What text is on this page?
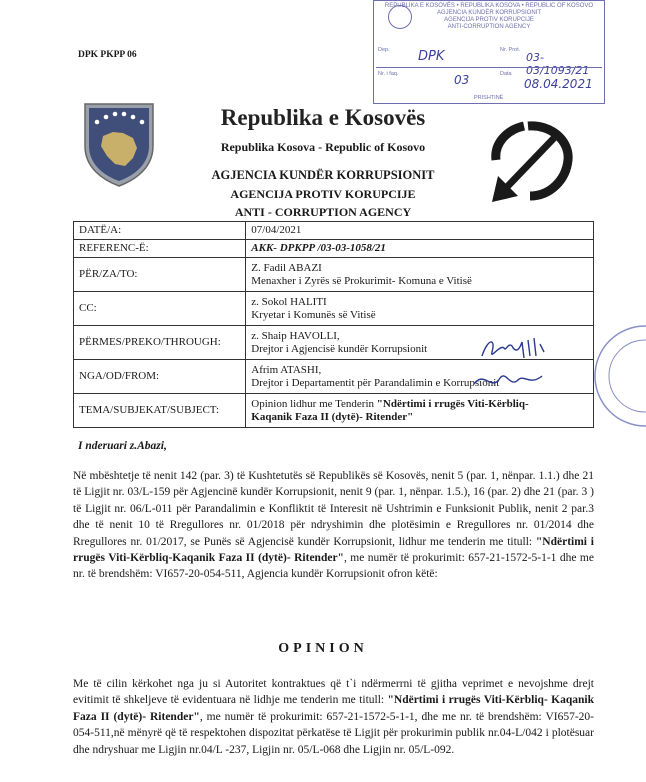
DPK PKPP 06
REPUBLIKA E KOSOVËS • REPUBLIKA KOSOVA • REPUBLIC OF KOSOVO
AGJENCIA KUNDËR KORRUPSIONIT
AGENCIJA PROTIV KORUPCIJE
ANTI-CORRUPTION AGENCY
Dep. DPK	Nr. Prot.
03-03/1093/21
Nr. i faq.	03	Data
08.04.2021
PRISHTINË
Republika e Kosovës
Republika Kosova - Republic of Kosovo
AGJENCIA KUNDËR KORRUPSIONIT
AGENCIJA PROTIV KORUPCIJE
ANTI - CORRUPTION AGENCY
DATË/A:	07/04/2021
REFERENC-Ë:	AKK- DPKPP /03-03-1058/21
PËR/ZA/TO:	Z. Fadil ABAZI
Menaxher i Zyrës së Prokurimit- Komuna e Vitisë

CC:	z. Sokol HALITI
Kryetar i Komunës së Vitisë

PËRMES/PREKO/THROUGH:	z. Shaip HAVOLLI,
Drejtor i Agjencisë kundër Korrupsionit

NGA/OD/FROM:	Afrim ATASHI,
Drejtor i Departamentit për Parandalimin e Korrupsionit

TEMA/SUBJEKAT/SUBJECT:	Opinion lidhur me Tenderin "Ndërtimi i rrugës Viti-Kërbliq-
Kaqanik Faza II (dytë)- Ritender"
I nderuari z.Abazi,
Në mbështetje të nenit 142 (par. 3) të Kushtetutës së Republikës së Kosovës, nenit 5 (par. 1, nënpar. 1.1.) dhe 21 të Ligjit nr. 03/L-159 për Agjencinë kundër Korrupsionit, nenit 9 (par. 1, nënpar. 1.5.), 16 (par. 2) dhe 21 (par. 3 ) të Ligjit nr. 06/L-011 për Parandalimin e Konfliktit të Interesit në Ushtrimin e Funksionit Publik, nenit 2 par.3 dhe të nenit 10 të Rregullores nr. 01/2018 për ndryshimin dhe plotësimin e Rregullores nr. 01/2014 dhe Rregullores nr. 01/2017, se Punës së Agjencisë kundër Korrupsionit, lidhur me tenderin me titull: "Ndërtimi i rrugës Viti-Kërbliq-Kaqanik Faza II (dytë)- Ritender", me numër të prokurimit: 657-21-1572-5-1-1 dhe me nr. të brendshëm: VI657-20-054-511, Agjencia kundër Korrupsionit ofron këtë:
OPINION
Me të cilin kërkohet nga ju si Autoritet kontraktues që t`i ndërmerrni të gjitha veprimet e nevojshme drejt evitimit të shkeljeve të evidentuara në lidhje me tenderin me titull: "Ndërtimi i rrugës Viti-Kërbliq- Kaqanik Faza II (dytë)- Ritender", me numër të prokurimit: 657-21-1572-5-1-1, dhe me nr. të brendshëm: VI657-20-054-511,në mënyrë që të respektohen dispozitat përkatëse të Ligjit për prokurimin publik nr.04-L/042 i plotësuar dhe ndryshuar me Ligjin nr.04/L -237, Ligjin nr. 05/L-068 dhe Ligjin nr. 05/L-092.
